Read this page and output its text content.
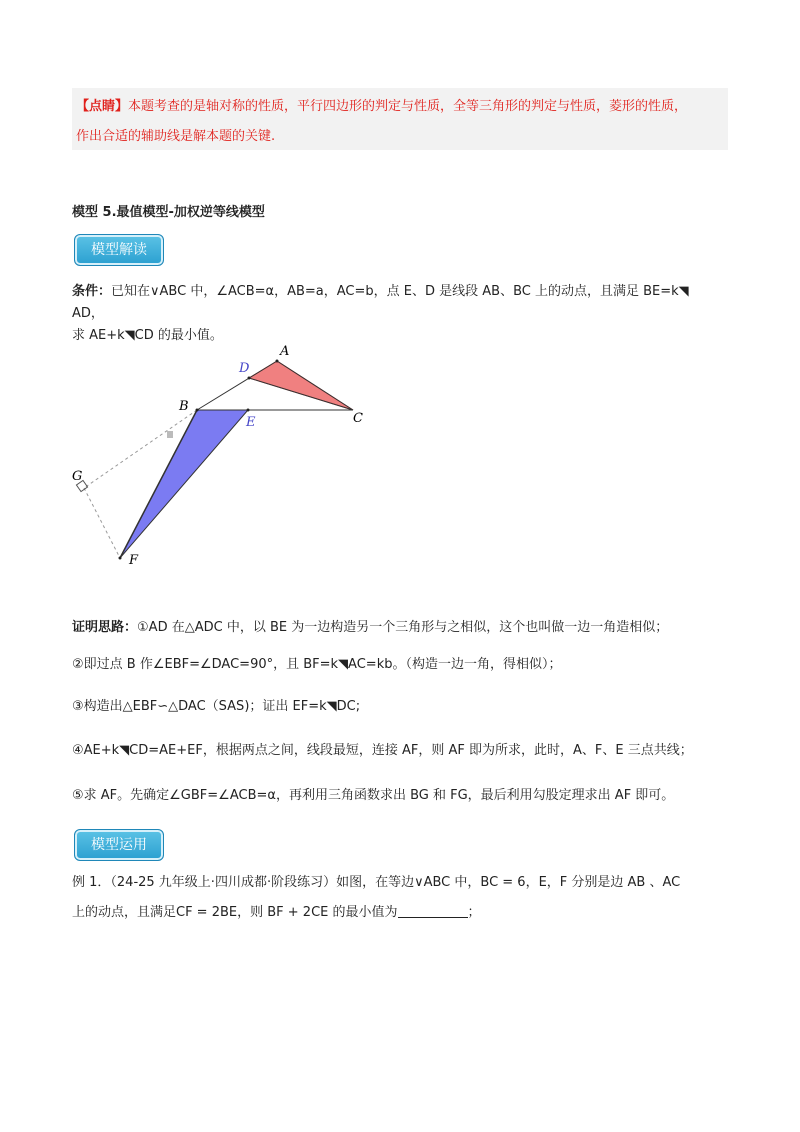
【点睛】本题考查的是轴对称的性质，平行四边形的判定与性质，全等三角形的判定与性质，菱形的性质，
作出合适的辅助线是解本题的关键.
模型 5.最值模型-加权逆等线模型
模型解读
条件：已知在∨ABC 中，∠ACB=α，AB=a，AC=b，点 E、D 是线段 AB、BC 上的动点，且满足 BE=k◥
AD，
求 AE+k◥CD 的最小值。
A
B
C
D
E
F
G
证明思路：①AD 在△ADC 中，以 BE 为一边构造另一个三角形与之相似，这个也叫做一边一角造相似；
②即过点 B 作∠EBF=∠DAC=90°，且 BF=k◥AC=kb。（构造一边一角，得相似）；
③构造出△EBF∽△DAC（SAS)；证出 EF=k◥DC;
④AE+k◥CD=AE+EF，根据两点之间，线段最短，连接 AF，则 AF 即为所求，此时，A、F、E 三点共线；
⑤求 AF。先确定∠GBF=∠ACB=α，再利用三角函数求出 BG 和 FG，最后利用勾股定理求出 AF 即可。
模型运用
例 1．（24-25 九年级上·四川成都·阶段练习）如图，在等边∨ABC 中，BC = 6，E，F 分别是边 AB 、AC
上的动点，且满足CF = 2BE，则 BF + 2CE 的最小值为	；
